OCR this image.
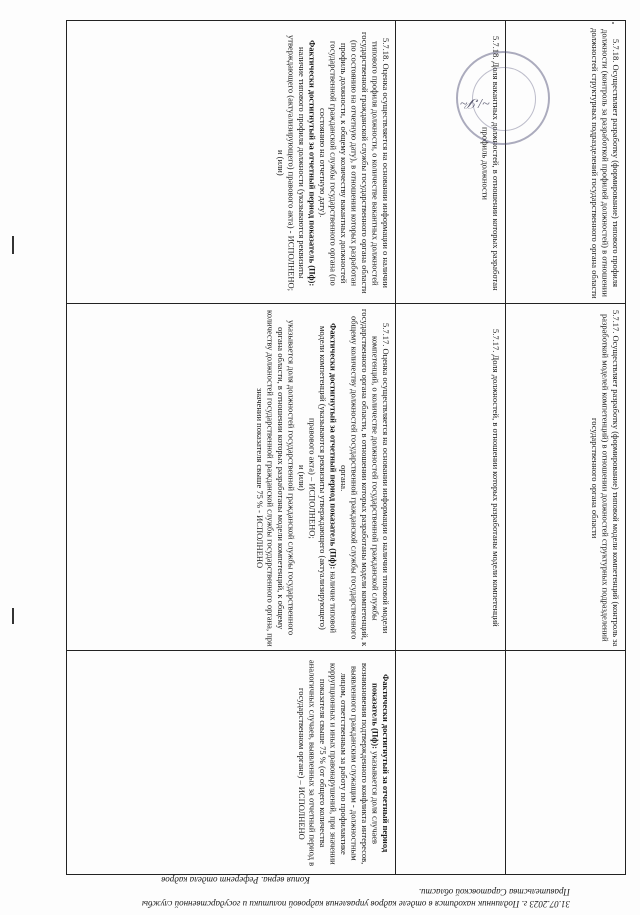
31.07.2023 г. Подлинник находится в отделе кадров управления кадровой политики и государственной службы
Правительства Саратовской области.
Копия верна. Референт отдела кадров
Фактически достигнутый за отчетный период показатель (Пф): указывается доля случаев возникновения подтвержденного конфликта интересов, выявленного гражданским служащим - должностным лицом, ответственным за работу по профилактике коррупционных и иных правонарушений, при значении показателя свыше 75 % (от общего количества аналогичных случаев, выявленных за отчетный период в государственном органе) – ИСПОЛНЕНО
5.7.17. Осуществляет разработку (формирование) типовой модели компетенций (контроль за разработкой моделей компетенций) в отношении должностей структурных подразделений государственного органа области
5.7.17. Доля должностей, в отношении которых разработаны модели компетенций
5.7.17. Оценка осуществляется на основании информации о наличии типовой модели компетенций, о количестве должностей государственной гражданской службы государственного органа области, в отношении которых разработаны модели компетенций, к общему количеству должностей государственной гражданской службы государственного органа.
Фактически достигнутый за отчетный период показатель (Пф): наличие типовой модели компетенций (указываются реквизиты утверждающего (актуализирующего) правового акта) – ИСПОЛНЕНО;
и (или)
указывается доля должностей государственной гражданской службы государственного органа области, в отношении которых разработаны модели компетенций, к общему количеству должностей государственной гражданской службы государственного органа, при значении показателя свыше 75 % - ИСПОЛНЕНО
5.7.18. Осуществляет разработку (формирование) типового профиля должности (контроль за разработкой профилей должностей) в отношении должностей структурных подразделений государственного органа области
5.7.18. Доля вакантных должностей, в отношении которых разработан профиль должности
5.7.18. Оценка осуществляется на основании информации о наличии типового профиля должности, о количестве вакантных должностей государственной гражданской службы государственного органа области (по состоянию на отчетную дату), в отношении которых разработан профиль должности, к общему количеству вакантных должностей государственной гражданской службы государственного органа (по состоянию на отчетную дату).
Фактически достигнутый за отчетный период показатель (Пф): наличие типового профиля должности (указываются реквизиты утверждающего (актуализирующего) правового акта) - ИСПОЛНЕНО;
и (или)
~/𝒮~
